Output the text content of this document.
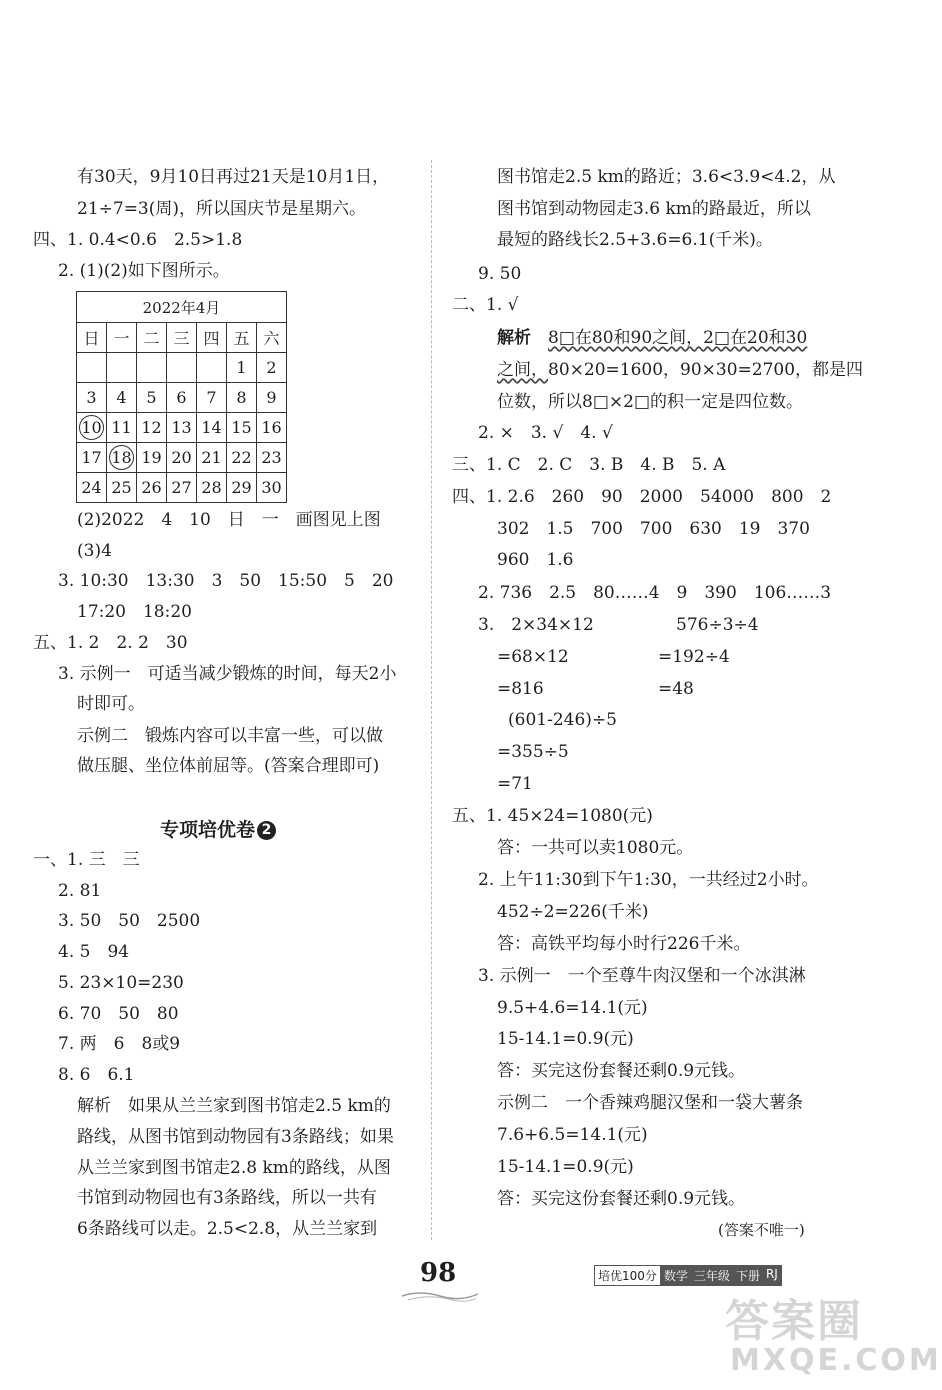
有30天，9月10日再过21天是10月1日，
21÷7=3(周)，所以国庆节是星期六。
四、1. 0.4<0.6　2.5>1.8
2. (1)(2)如下图所示。
2022年4月						
日	一	二	三	四	五	六
					1	2
3	4	5	6	7	8	9
10	11	12	13	14	15	16
17	18	19	20	21	22	23
24	25	26	27	28	29	30
(2)2022　4　10　日　一　画图见上图
(3)4
3. 10:30　13:30　3　50　15:50　5　20
17:20　18:20
五、1. 2　2. 2　30
3. 示例一　可适当减少锻炼的时间，每天2小
时即可。
示例二　锻炼内容可以丰富一些，可以做
做压腿、坐位体前屈等。(答案合理即可)
专项培优卷 2
一、1. 三　三
2. 81
3. 50　50　2500
4. 5　94
5. 23×10=230
6. 70　50　80
7. 两　6　8或9
8. 6　6.1
解析　如果从兰兰家到图书馆走2.5 km的
路线，从图书馆到动物园有3条路线；如果
从兰兰家到图书馆走2.8 km的路线，从图
书馆到动物园也有3条路线，所以一共有
6条路线可以走。2.5<2.8，从兰兰家到
图书馆走2.5 km的路近；3.6<3.9<4.2，从
图书馆到动物园走3.6 km的路最近，所以
最短的路线长2.5+3.6=6.1(千米)。
9. 50
二、1. √
解析　8□在80和90之间，2□在20和30
之间，80×20=1600，90×30=2700，都是四
位数，所以8□×2□的积一定是四位数。
2. ×　3. √　4. √
三、1. C　2. C　3. B　4. B　5. A
四、1. 2.6　260　90　2000　54000　800　2
302　1.5　700　700　630　19　370
960　1.6
2. 736　2.5　80……4　9　390　106……3
3.　2×34×12	576÷3÷4
=68×12	=192÷4
=816	=48
(601-246)÷5
=355÷5
=71
五、1. 45×24=1080(元)
答：一共可以卖1080元。
2. 上午11:30到下午1:30，一共经过2小时。
452÷2=226(千米)
答：高铁平均每小时行226千米。
3. 示例一　一个至尊牛肉汉堡和一个冰淇淋
9.5+4.6=14.1(元)
15-14.1=0.9(元)
答：买完这份套餐还剩0.9元钱。
示例二　一个香辣鸡腿汉堡和一袋大薯条
7.6+6.5=14.1(元)
15-14.1=0.9(元)
答：买完这份套餐还剩0.9元钱。
(答案不唯一)
98	培优100分 数学 三年级 下册 RJ
答案圈
MXQE.COM
